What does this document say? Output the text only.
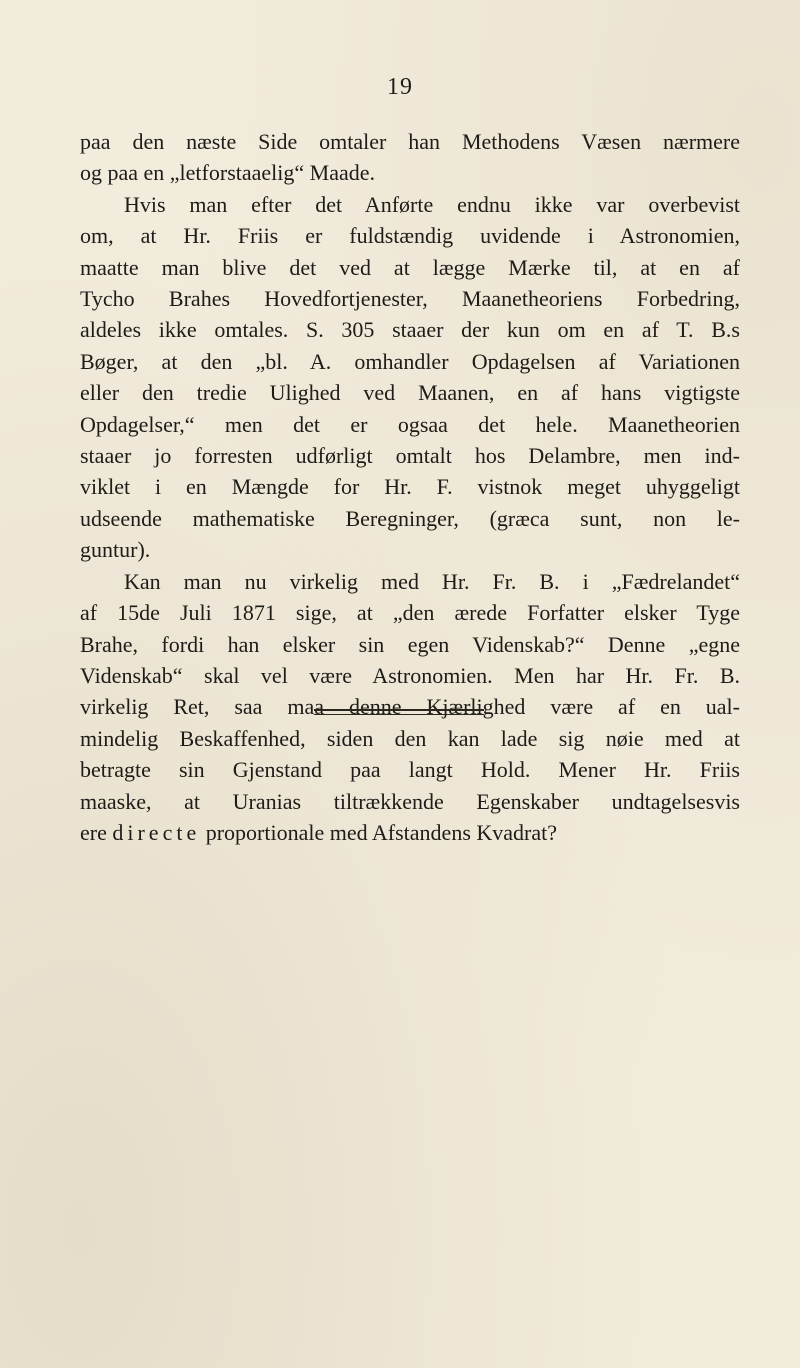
19
paa den næste Side omtaler han Methodens Væsen nærmere
og paa en „letforstaaelig“ Maade.
Hvis man efter det Anførte endnu ikke var overbevist
om, at Hr. Friis er fuldstændig uvidende i Astronomien,
maatte man blive det ved at lægge Mærke til, at en af
Tycho Brahes Hovedfortjenester, Maanetheoriens Forbedring,
aldeles ikke omtales. S. 305 staaer der kun om en af T. B.s
Bøger, at den „bl. A. omhandler Opdagelsen af Variationen
eller den tredie Ulighed ved Maanen, en af hans vigtigste
Opdagelser,“ men det er ogsaa det hele. Maanetheorien
staaer jo forresten udførligt omtalt hos Delambre, men ind-
viklet i en Mængde for Hr. F. vistnok meget uhyggeligt
udseende mathematiske Beregninger, (græca sunt, non le-
guntur).
Kan man nu virkelig med Hr. Fr. B. i „Fædrelandet“
af 15de Juli 1871 sige, at „den ærede Forfatter elsker Tyge
Brahe, fordi han elsker sin egen Videnskab?“ Denne „egne
Videnskab“ skal vel være Astronomien. Men har Hr. Fr. B.
virkelig Ret, saa maa denne Kjærlighed være af en ual-
mindelig Beskaffenhed, siden den kan lade sig nøie med at
betragte sin Gjenstand paa langt Hold. Mener Hr. Friis
maaske, at Uranias tiltrækkende Egenskaber undtagelsesvis
ere directe proportionale med Afstandens Kvadrat?
